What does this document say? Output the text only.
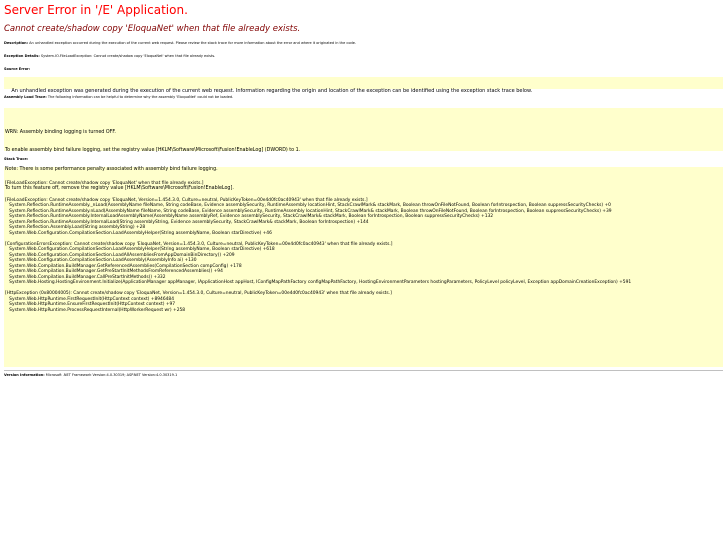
Server Error in '/E' Application.
Cannot create/shadow copy 'EloquaNet' when that file already exists.
Description: An unhandled exception occurred during the execution of the current web request. Please review the stack trace for more information about the error and where it originated in the code.
Exception Details: System.IO.FileLoadException: Cannot create/shadow copy 'EloquaNet' when that file already exists.
Source Error:

An unhandled exception was generated during the execution of the current web request. Information regarding the origin and location of the exception can be identified using the exception stack trace below.

Assembly Load Trace: The following information can be helpful to determine why the assembly 'EloquaNet' could not be loaded.

WRN: Assembly binding logging is turned OFF.

To enable assembly bind failure logging, set the registry value [HKLM\Software\Microsoft\Fusion!EnableLog] (DWORD) to 1.

Note: There is some performance penalty associated with assembly bind failure logging.

To turn this feature off, remove the registry value [HKLM\Software\Microsoft\Fusion!EnableLog].

Stack Trace:
[FileLoadException: Cannot create/shadow copy 'EloquaNet' when that file already exists.]

[FileLoadException: Cannot create/shadow copy 'EloquaNet, Version=1.454.3.0, Culture=neutral, PublicKeyToken=00e4d0fc0ac40943' when that file already exists.]
System.Reflection.RuntimeAssembly._nLoad(AssemblyName fileName, String codeBase, Evidence assemblySecurity, RuntimeAssembly locationHint, StackCrawlMark& stackMark, Boolean throwOnFileNotFound, Boolean forIntrospection, Boolean suppressSecurityChecks) +0
System.Reflection.RuntimeAssembly.nLoad(AssemblyName fileName, String codeBase, Evidence assemblySecurity, RuntimeAssembly locationHint, StackCrawlMark& stackMark, Boolean throwOnFileNotFound, Boolean forIntrospection, Boolean suppressSecurityChecks) +39
System.Reflection.RuntimeAssembly.InternalLoadAssemblyName(AssemblyName assemblyRef, Evidence assemblySecurity, StackCrawlMark& stackMark, Boolean forIntrospection, Boolean suppressSecurityChecks) +132
System.Reflection.RuntimeAssembly.InternalLoad(String assemblyString, Evidence assemblySecurity, StackCrawlMark& stackMark, Boolean forIntrospection) +144
System.Reflection.Assembly.Load(String assemblyString) +28
System.Web.Configuration.CompilationSection.LoadAssemblyHelper(String assemblyName, Boolean starDirective) +46

[ConfigurationErrorsException: Cannot create/shadow copy 'EloquaNet, Version=1.454.3.0, Culture=neutral, PublicKeyToken=00e4d0fc0ac40943' when that file already exists.]
System.Web.Configuration.CompilationSection.LoadAssemblyHelper(String assemblyName, Boolean starDirective) +618
System.Web.Configuration.CompilationSection.LoadAllAssembliesFromAppDomainBinDirectory() +209
System.Web.Configuration.CompilationSection.LoadAssembly(AssemblyInfo ai) +130
System.Web.Compilation.BuildManager.GetReferencedAssemblies(CompilationSection compConfig) +178
System.Web.Compilation.BuildManager.GetPreStartInitMethodsFromReferencedAssemblies() +94
System.Web.Compilation.BuildManager.CallPreStartInitMethods() +332
System.Web.Hosting.HostingEnvironment.Initialize(ApplicationManager appManager, IApplicationHost appHost, IConfigMapPathFactory configMapPathFactory, HostingEnvironmentParameters hostingParameters, PolicyLevel policyLevel, Exception appDomainCreationException) +591

[HttpException (0x80004005): Cannot create/shadow copy 'EloquaNet, Version=1.454.3.0, Culture=neutral, PublicKeyToken=00e4d0fc0ac40943' when that file already exists.]
System.Web.HttpRuntime.FirstRequestInit(HttpContext context) +8946484
System.Web.HttpRuntime.EnsureFirstRequestInit(HttpContext context) +97
System.Web.HttpRuntime.ProcessRequestInternal(HttpWorkerRequest wr) +258
Version Information: Microsoft .NET Framework Version:4.0.30319; ASP.NET Version:4.0.30319.1
